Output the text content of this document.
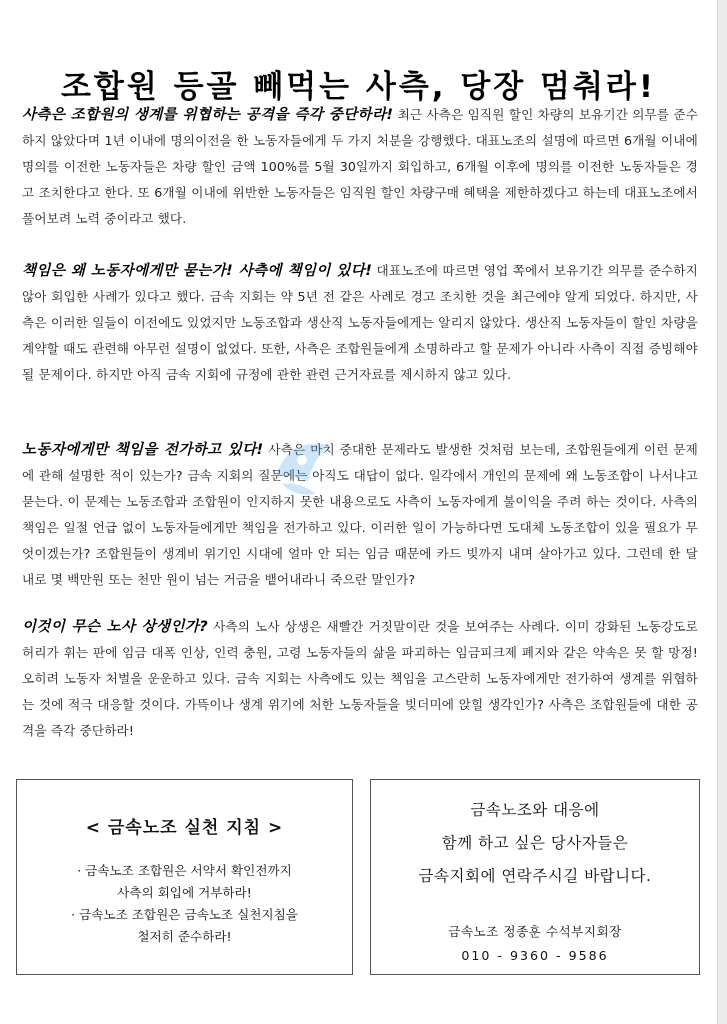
조합원 등골 빼먹는 사측, 당장 멈춰라!
사측은 조합원의 생계를 위협하는 공격을 즉각 중단하라! 최근 사측은 임직원 할인 차량의 보유기간 의무를 준수하지 않았다며 1년 이내에 명의이전을 한 노동자들에게 두 가지 처분을 강행했다. 대표노조의 설명에 따르면 6개월 이내에 명의를 이전한 노동자들은 차량 할인 금액 100%를 5월 30일까지 회입하고, 6개월 이후에 명의를 이전한 노동자들은 경고 조치한다고 한다. 또 6개월 이내에 위반한 노동자들은 임직원 할인 차량구매 혜택을 제한하겠다고 하는데 대표노조에서 풀어보려 노력 중이라고 했다.
책임은 왜 노동자에게만 묻는가! 사측에 책임이 있다! 대표노조에 따르면 영업 쪽에서 보유기간 의무를 준수하지 않아 회입한 사례가 있다고 했다. 금속 지회는 약 5년 전 같은 사례로 경고 조치한 것을 최근에야 알게 되었다. 하지만, 사측은 이러한 일들이 이전에도 있었지만 노동조합과 생산직 노동자들에게는 알리지 않았다. 생산직 노동자들이 할인 차량을 계약할 때도 관련해 아무런 설명이 없었다. 또한, 사측은 조합원들에게 소명하라고 할 문제가 아니라 사측이 직접 증빙해야될 문제이다. 하지만 아직 금속 지회에 규정에 관한 관련 근거자료를 제시하지 않고 있다.
노동자에게만 책임을 전가하고 있다! 사측은 마치 중대한 문제라도 발생한 것처럼 보는데, 조합원들에게 이런 문제에 관해 설명한 적이 있는가? 금속 지회의 질문에는 아직도 대답이 없다. 일각에서 개인의 문제에 왜 노동조합이 나서냐고 묻는다. 이 문제는 노동조합과 조합원이 인지하지 못한 내용으로도 사측이 노동자에게 불이익을 주려 하는 것이다. 사측의 책임은 일절 언급 없이 노동자들에게만 책임을 전가하고 있다. 이러한 일이 가능하다면 도대체 노동조합이 있을 필요가 무엇이겠는가? 조합원들이 생계비 위기인 시대에 얼마 안 되는 임금 때문에 카드 빚까지 내며 살아가고 있다. 그런데 한 달 내로 몇 백만원 또는 천만 원이 넘는 거금을 뱉어내라니 죽으란 말인가?
이것이 무슨 노사 상생인가? 사측의 노사 상생은 새빨간 거짓말이란 것을 보여주는 사례다. 이미 강화된 노동강도로 허리가 휘는 판에 임금 대폭 인상, 인력 충원, 고령 노동자들의 삶을 파괴하는 임금피크제 폐지와 같은 약속은 못 할 망정! 오히려 노동자 처벌을 운운하고 있다. 금속 지회는 사측에도 있는 책임을 고스란히 노동자에게만 전가하여 생계를 위협하는 것에 적극 대응할 것이다. 가뜩이나 생계 위기에 처한 노동자들을 빚더미에 앉힐 생각인가? 사측은 조합원들에 대한 공격을 즉각 중단하라!
< 금속노조 실천 지침 >
· 금속노조 조합원은 서약서 확인전까지
사측의 회입에 거부하라!
· 금속노조 조합원은 금속노조 실천지침을
철저히 준수하라!
금속노조와 대응에
함께 하고 싶은 당사자들은
금속지회에 연락주시길 바랍니다.
금속노조 정종훈 수석부지회장
010 - 9360 - 9586
